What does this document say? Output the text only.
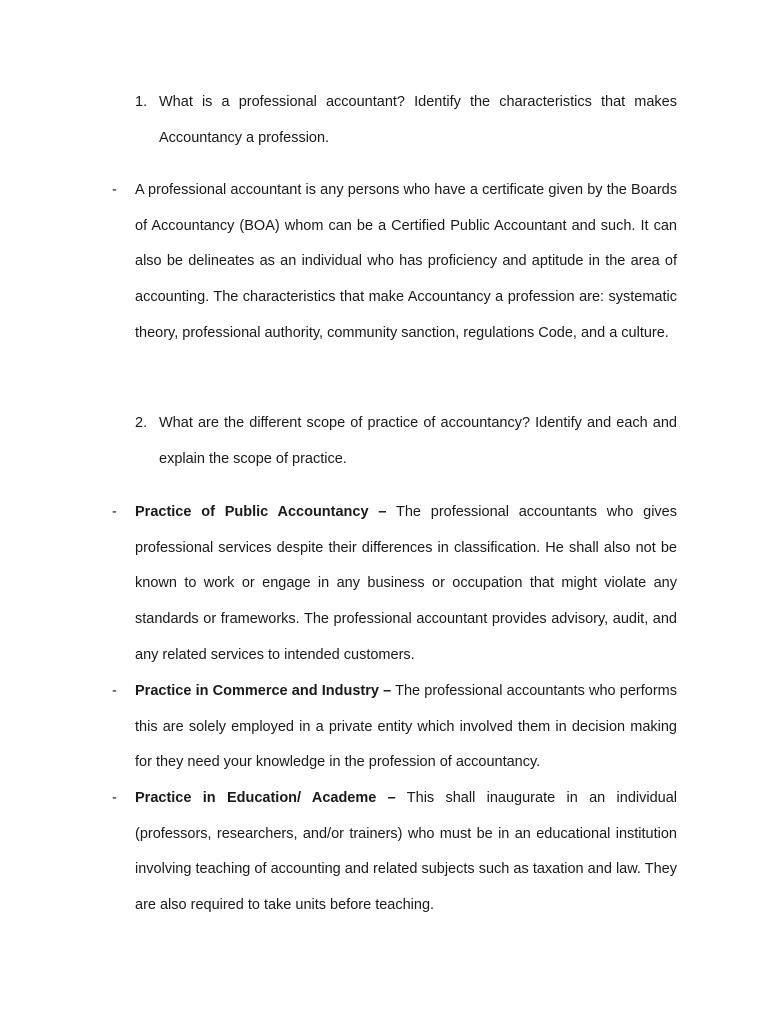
1. What is a professional accountant? Identify the characteristics that makes Accountancy a profession.
- A professional accountant is any persons who have a certificate given by the Boards of Accountancy (BOA) whom can be a Certified Public Accountant and such. It can also be delineates as an individual who has proficiency and aptitude in the area of accounting. The characteristics that make Accountancy a profession are: systematic theory, professional authority, community sanction, regulations Code, and a culture.
2. What are the different scope of practice of accountancy? Identify and each and explain the scope of practice.
- Practice of Public Accountancy – The professional accountants who gives professional services despite their differences in classification. He shall also not be known to work or engage in any business or occupation that might violate any standards or frameworks. The professional accountant provides advisory, audit, and any related services to intended customers.
- Practice in Commerce and Industry – The professional accountants who performs this are solely employed in a private entity which involved them in decision making for they need your knowledge in the profession of accountancy.
- Practice in Education/ Academe – This shall inaugurate in an individual (professors, researchers, and/or trainers) who must be in an educational institution involving teaching of accounting and related subjects such as taxation and law. They are also required to take units before teaching.
